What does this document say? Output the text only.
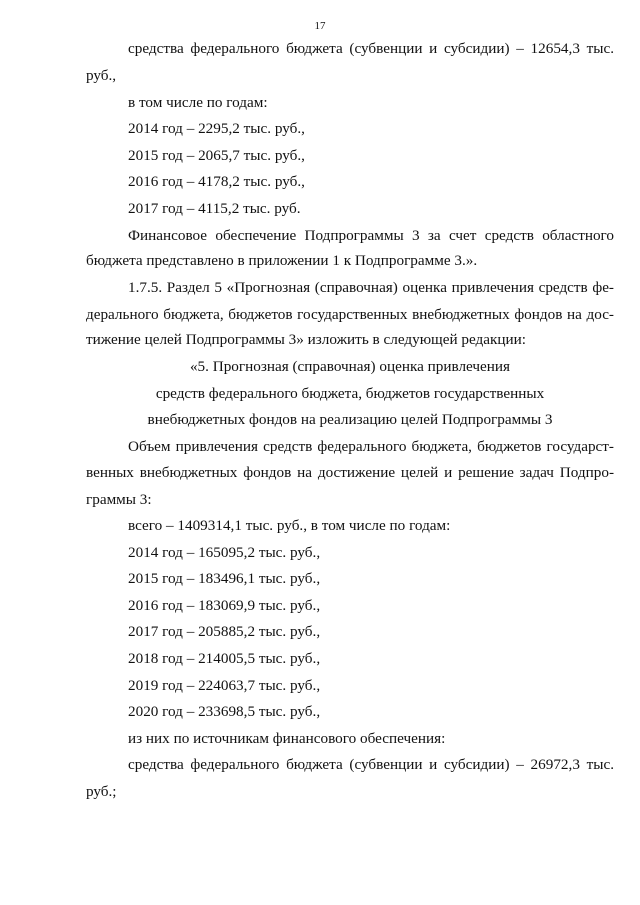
17
средства федерального бюджета (субвенции и субсидии) – 12654,3 тыс.
руб.,
в том числе по годам:
2014 год – 2295,2 тыс. руб.,
2015 год – 2065,7 тыс. руб.,
2016 год – 4178,2 тыс. руб.,
2017 год – 4115,2 тыс. руб.
Финансовое обеспечение Подпрограммы 3 за счет средств областного
бюджета представлено в приложении 1 к Подпрограмме 3.».
1.7.5. Раздел 5 «Прогнозная (справочная) оценка привлечения средств фе-
дерального бюджета, бюджетов государственных внебюджетных фондов на дос-
тижение целей Подпрограммы 3» изложить в следующей редакции:
«5. Прогнозная (справочная) оценка привлечения
средств федерального бюджета, бюджетов государственных
внебюджетных фондов на реализацию целей Подпрограммы 3
Объем привлечения средств федерального бюджета, бюджетов государст-
венных внебюджетных фондов на достижение целей и решение задач Подпро-
граммы 3:
всего – 1409314,1 тыс. руб., в том числе по годам:
2014 год – 165095,2 тыс. руб.,
2015 год – 183496,1 тыс. руб.,
2016 год – 183069,9 тыс. руб.,
2017 год – 205885,2 тыс. руб.,
2018 год – 214005,5 тыс. руб.,
2019 год – 224063,7 тыс. руб.,
2020 год – 233698,5 тыс. руб.,
из них по источникам финансового обеспечения:
средства федерального бюджета (субвенции и субсидии) – 26972,3 тыс.
руб.;
